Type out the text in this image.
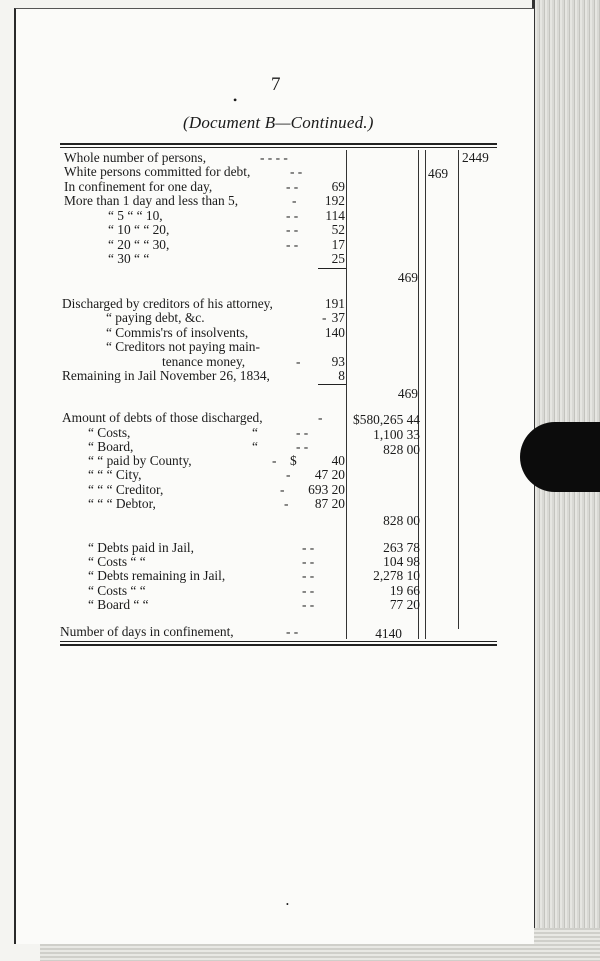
7
•
(Document B—Continued.)
Whole number of persons,	- - - -	2449
White persons committed for debt,	- -	469
In confinement for one day,	- -	69
More than 1 day and less than 5,	-	192
“ 5 “ “ 10,	- -	114
“ 10 “ “ 20,	- -	52
“ 20 “ “ 30,	- -	17
“ 30 “ “	25
469
Discharged by creditors of his attorney,	191
“ paying debt, &c.	- 37
“ Commis'rs of insolvents,	140
“ Creditors not paying main-
tenance money,	-	93
Remaining in Jail November 26, 1834,	8
469
Amount of debts of those discharged,	-	$580,265 44
“ Costs,	“	- -	1,100 33
“ Board,	“	- -	828 00
“ “ paid by County,	- $	40
“ “ “ City,	-	47 20
“ “ “ Creditor,	-	693 20
“ “ “ Debtor,	-	87 20
828 00
“ Debts paid in Jail,	- -	263 78
“ Costs “ “	- -	104 98
“ Debts remaining in Jail,	- -	2,278 10
“ Costs “ “	- -	19 66
“ Board “ “	- -	77 20
Number of days in confinement,	- -	4140
•
